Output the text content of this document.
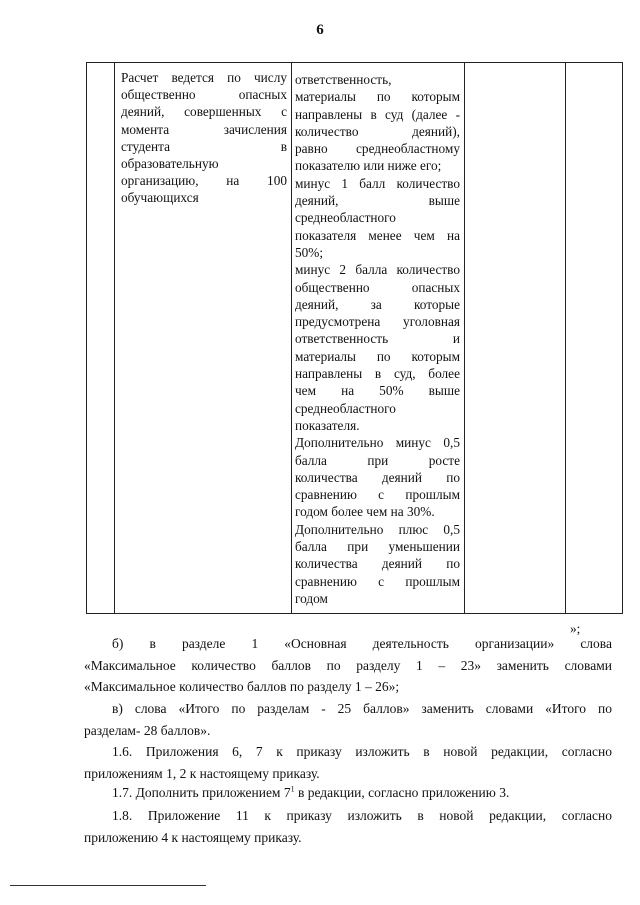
6
Расчет ведется по числу
общественно опасных
деяний, совершенных с
момента зачисления
студента в
образовательную
организацию, на 100
обучающихся
ответственность,
материалы по которым
направлены в суд (далее -
количество деяний),
равно среднеобластному
показателю или ниже его;
минус 1 балл количество
деяний, выше
среднеобластного
показателя менее чем на
50%;
минус 2 балла количество
общественно опасных
деяний, за которые
предусмотрена уголовная
ответственность и
материалы по которым
направлены в суд, более
чем на 50% выше
среднеобластного
показателя.
Дополнительно минус 0,5
балла при росте
количества деяний по
сравнению с прошлым
годом более чем на 30%.
Дополнительно плюс 0,5
балла при уменьшении
количества деяний по
сравнению с прошлым
годом
»;
б) в разделе 1 «Основная деятельность организации» слова
«Максимальное количество баллов по разделу 1 – 23» заменить словами
«Максимальное количество баллов по разделу 1 – 26»;
в) слова «Итого по разделам - 25 баллов» заменить словами «Итого по
разделам- 28 баллов».
1.6. Приложения 6, 7 к приказу изложить в новой редакции, согласно
приложениям 1, 2 к настоящему приказу.
1.7. Дополнить приложением $7^1$ в редакции, согласно приложению 3.
1.8. Приложение 11 к приказу изложить в новой редакции, согласно
приложению 4 к настоящему приказу.
